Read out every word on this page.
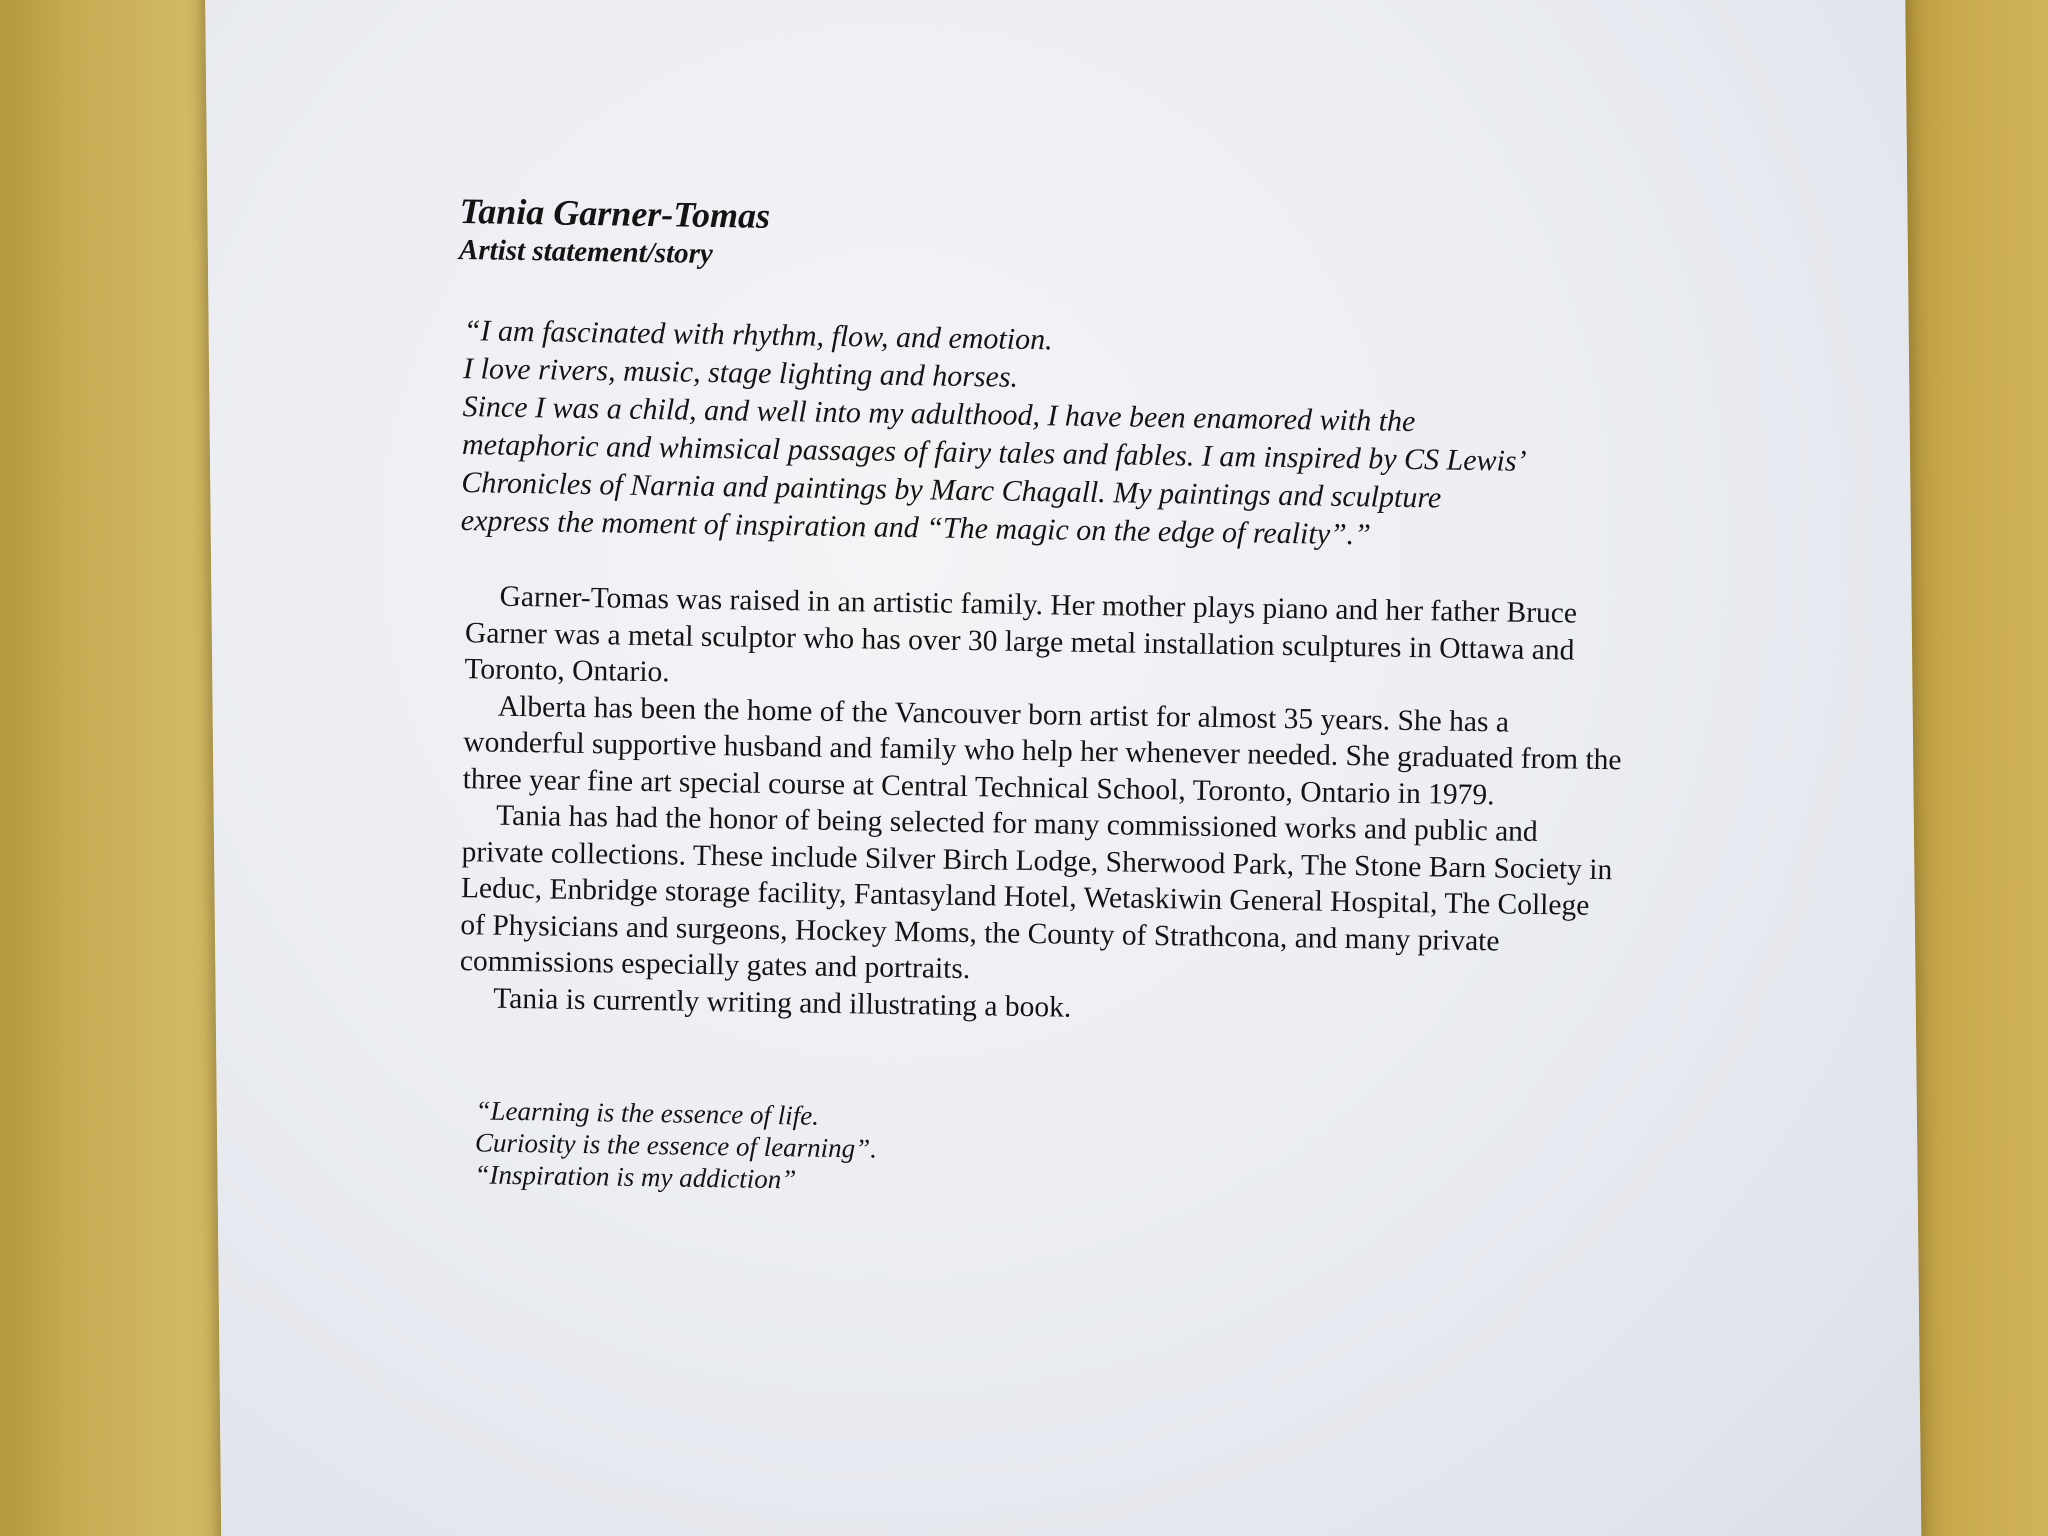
Tania Garner-Tomas
Artist statement/story
“I am fascinated with rhythm, flow, and emotion.
I love rivers, music, stage lighting and horses.
Since I was a child, and well into my adulthood, I have been enamored with the
metaphoric and whimsical passages of fairy tales and fables. I am inspired by CS Lewis’
Chronicles of Narnia and paintings by Marc Chagall. My paintings and sculpture
express the moment of inspiration and “The magic on the edge of reality”.”

Garner-Tomas was raised in an artistic family. Her mother plays piano and her father Bruce Garner was a metal sculptor who has over 30 large metal installation sculptures in Ottawa and Toronto, Ontario.

Alberta has been the home of the Vancouver born artist for almost 35 years. She has a wonderful supportive husband and family who help her whenever needed. She graduated from the three year fine art special course at Central Technical School, Toronto, Ontario in 1979.

Tania has had the honor of being selected for many commissioned works and public and private collections. These include Silver Birch Lodge, Sherwood Park, The Stone Barn Society in Leduc, Enbridge storage facility, Fantasyland Hotel, Wetaskiwin General Hospital, The College of Physicians and surgeons, Hockey Moms, the County of Strathcona, and many private commissions especially gates and portraits.

Tania is currently writing and illustrating a book.

“Learning is the essence of life.
Curiosity is the essence of learning”.
“Inspiration is my addiction”
